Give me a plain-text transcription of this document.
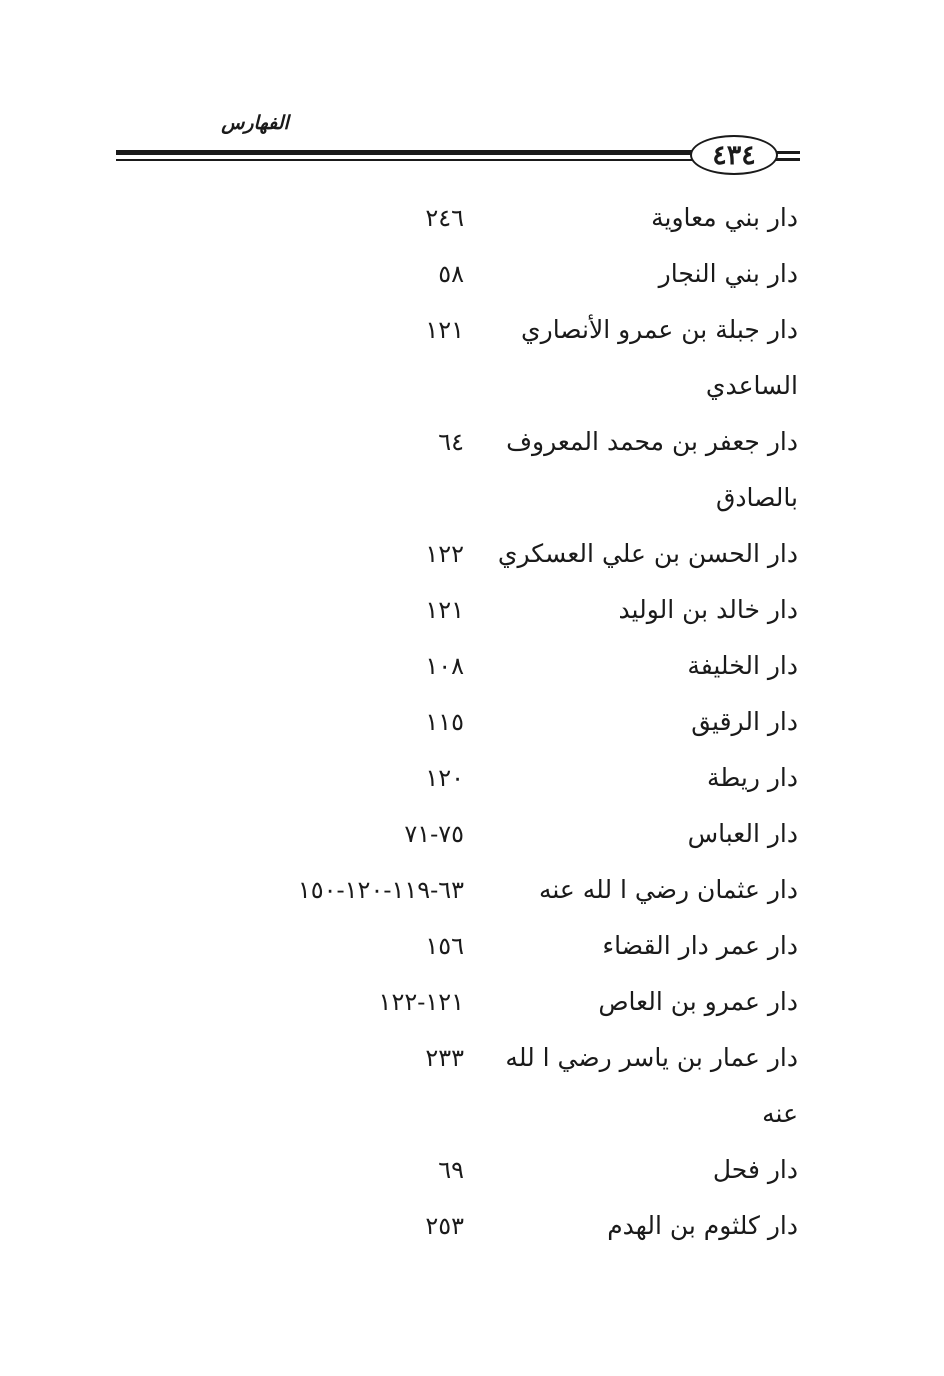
الفهارس
٤٣٤
دار بني معاوية
٢٤٦
دار بني النجار
٥٨
دار جبلة بن عمرو الأنصاري
١٢١
الساعدي
دار جعفر بن محمد المعروف
٦٤
بالصادق
دار الحسن بن علي العسكري
١٢٢
دار خالد بن الوليد
١٢١
دار الخليفة
١٠٨
دار الرقيق
١١٥
دار ريطة
١٢٠
دار العباس
٧٥-٧١
دار عثمان رضي ا لله عنه
٦٣-١١٩-١٢٠-١٥٠
دار عمر دار القضاء
١٥٦
دار عمرو بن العاص
١٢١-١٢٢
دار عمار بن ياسر رضي ا لله
٢٣٣
عنه
دار فحل
٦٩
دار كلثوم بن الهدم
٢٥٣
